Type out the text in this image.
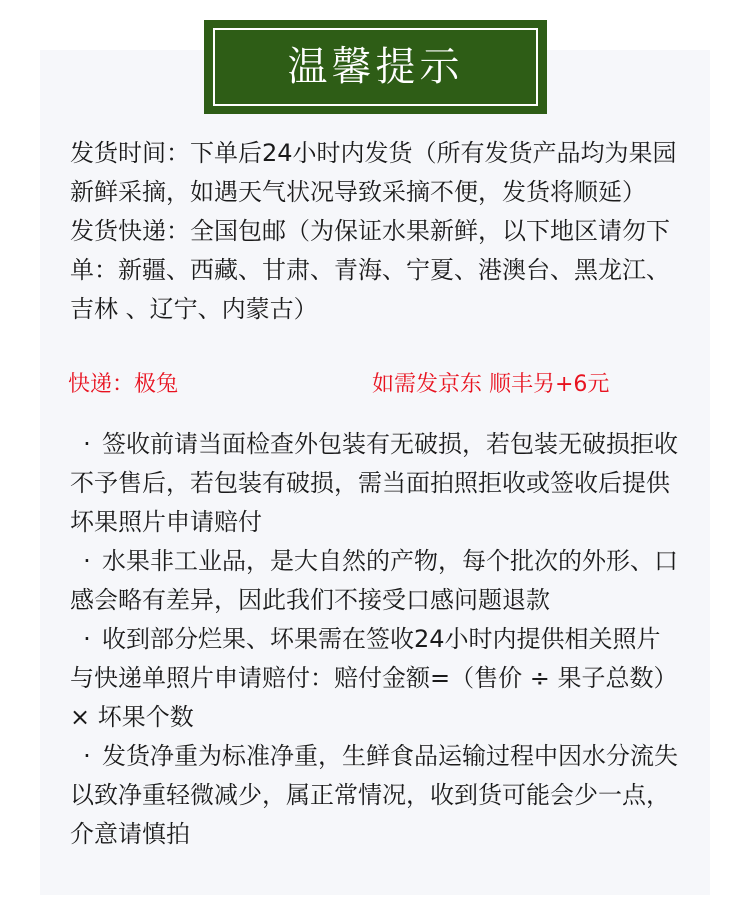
温馨提示

发货时间：下单后24小时内发货（所有发货产品均为果园新鲜采摘，如遇天气状况导致采摘不便，发货将顺延）

发货快递：全国包邮（为保证水果新鲜，以下地区请勿下单：新疆、西藏、甘肃、青海、宁夏、港澳台、黑龙江、吉林 、辽宁、内蒙古）

快递：极兔	如需发京东 顺丰另+6元

· 签收前请当面检查外包装有无破损，若包装无破损拒收不予售后，若包装有破损，需当面拍照拒收或签收后提供坏果照片申请赔付

· 水果非工业品，是大自然的产物，每个批次的外形、口感会略有差异，因此我们不接受口感问题退款

· 收到部分烂果、坏果需在签收24小时内提供相关照片与快递单照片申请赔付：赔付金额=（售价 ÷ 果子总数）× 坏果个数

· 发货净重为标准净重，生鲜食品运输过程中因水分流失以致净重轻微减少，属正常情况，收到货可能会少一点，介意请慎拍
